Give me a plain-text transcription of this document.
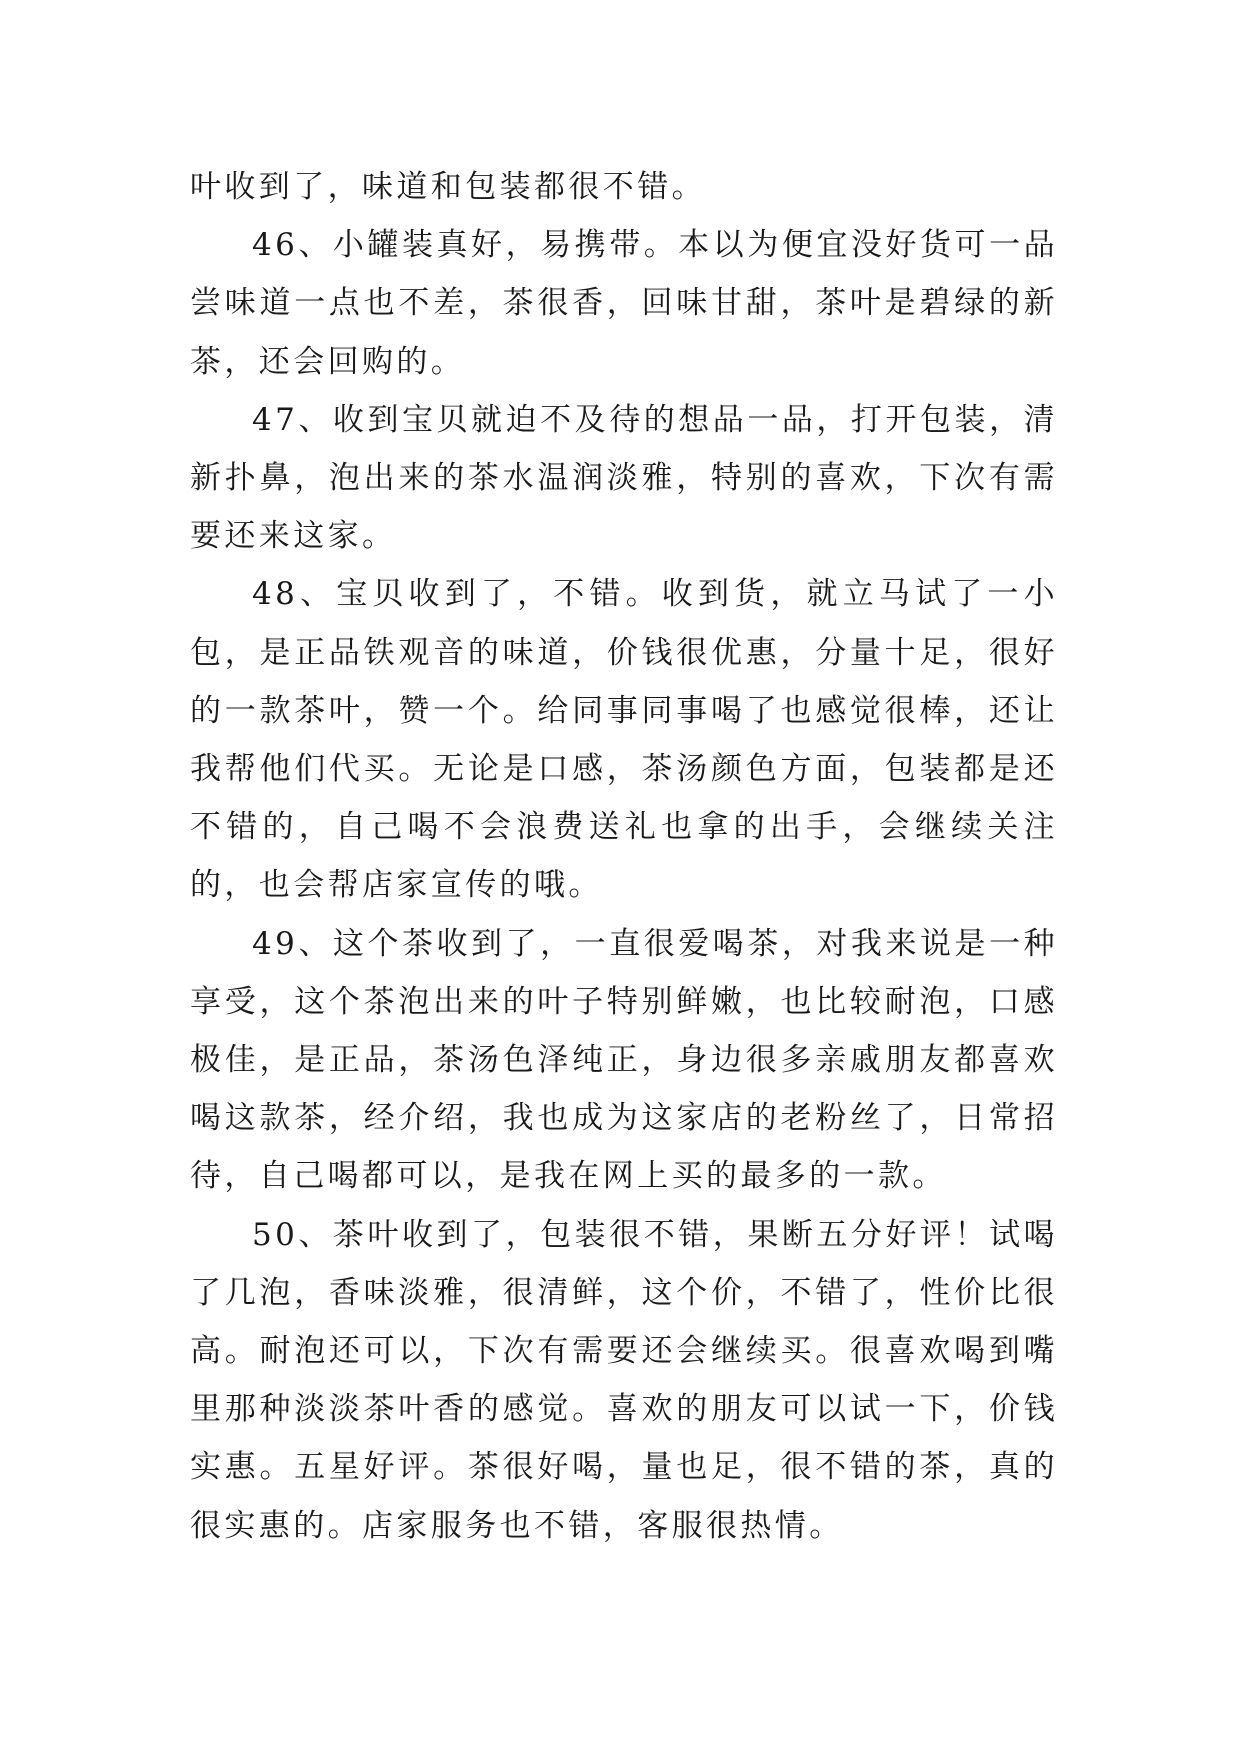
叶收到了，味道和包装都很不错。

46、小罐装真好，易携带。本以为便宜没好货可一品尝味道一点也不差，茶很香，回味甘甜，茶叶是碧绿的新茶，还会回购的。

47、收到宝贝就迫不及待的想品一品，打开包装，清新扑鼻，泡出来的茶水温润淡雅，特别的喜欢，下次有需要还来这家。

48、宝贝收到了，不错。收到货，就立马试了一小包，是正品铁观音的味道，价钱很优惠，分量十足，很好的一款茶叶，赞一个。给同事同事喝了也感觉很棒，还让我帮他们代买。无论是口感，茶汤颜色方面，包装都是还不错的，自己喝不会浪费送礼也拿的出手，会继续关注的，也会帮店家宣传的哦。

49、这个茶收到了，一直很爱喝茶，对我来说是一种享受，这个茶泡出来的叶子特别鲜嫩，也比较耐泡，口感极佳，是正品，茶汤色泽纯正，身边很多亲戚朋友都喜欢喝这款茶，经介绍，我也成为这家店的老粉丝了，日常招待，自己喝都可以，是我在网上买的最多的一款。

50、茶叶收到了，包装很不错，果断五分好评！试喝了几泡，香味淡雅，很清鲜，这个价，不错了，性价比很高。耐泡还可以，下次有需要还会继续买。很喜欢喝到嘴里那种淡淡茶叶香的感觉。喜欢的朋友可以试一下，价钱实惠。五星好评。茶很好喝，量也足，很不错的茶，真的很实惠的。店家服务也不错，客服很热情。
